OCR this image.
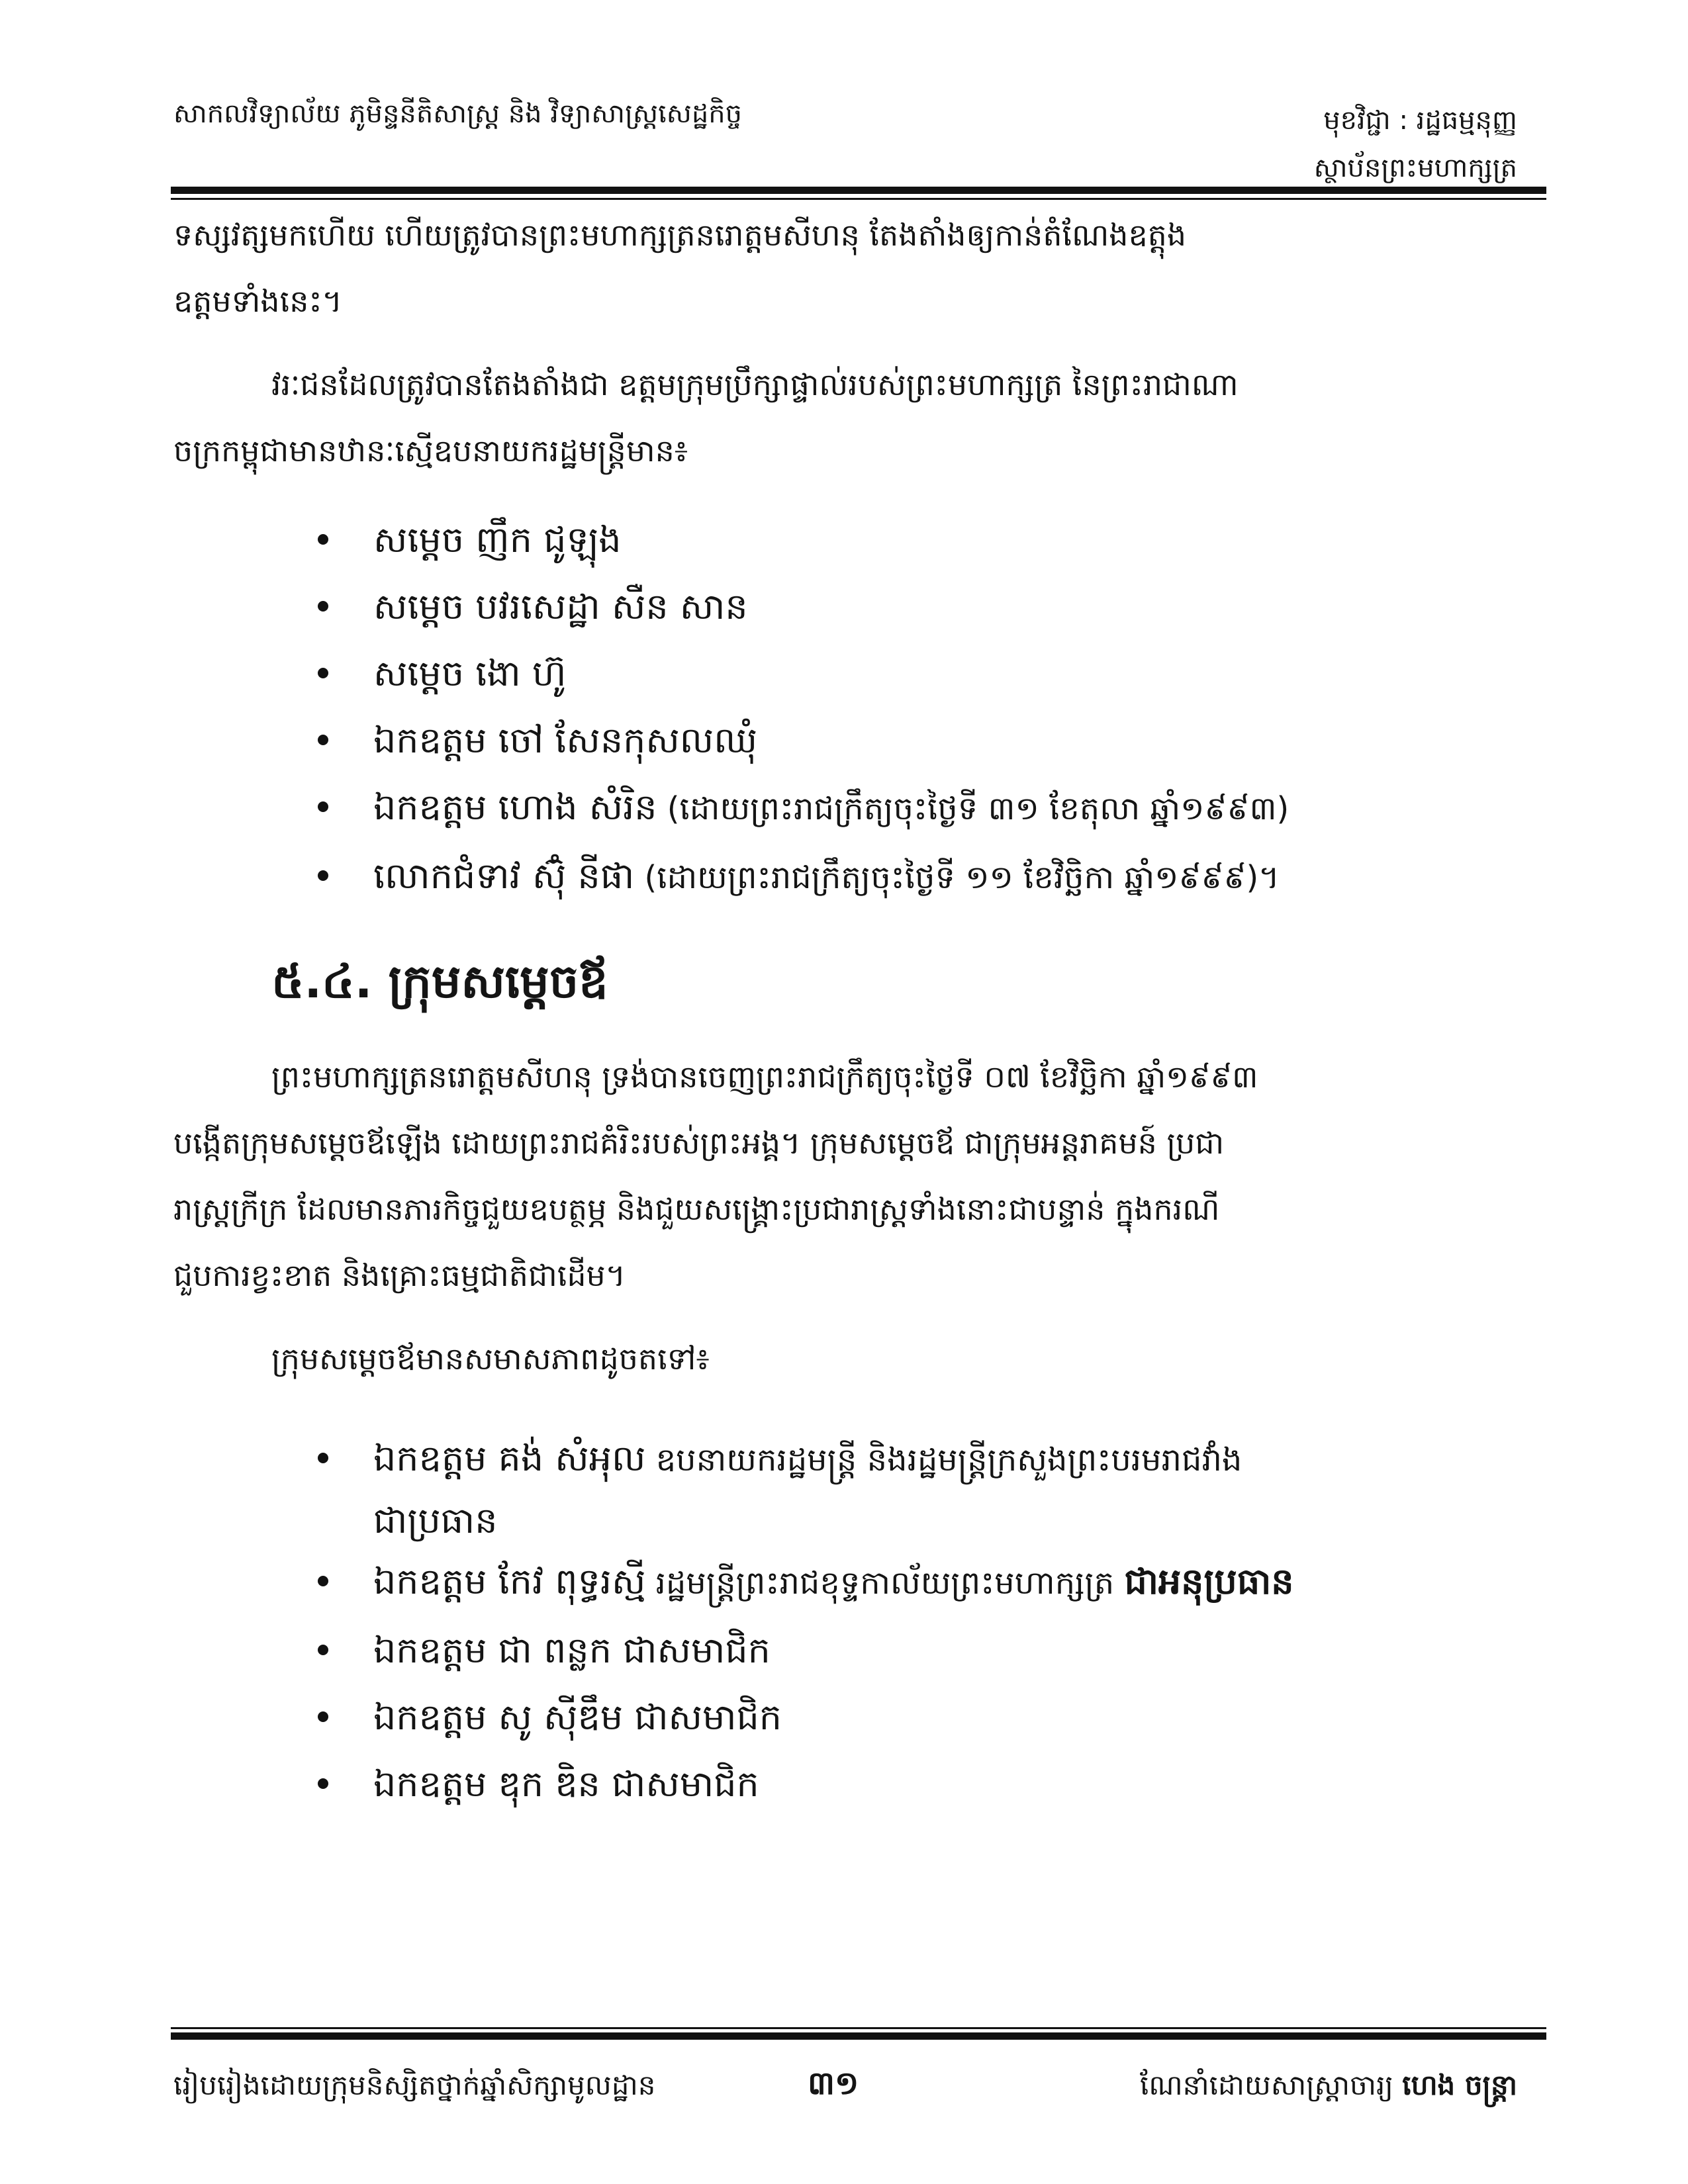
សាកលវិទ្យាល័យ ភូមិន្ទនីតិសាស្ត្រ និង វិទ្យាសាស្ត្រសេដ្ឋកិច្ច	មុខវិជ្ជា : រដ្ឋធម្មនុញ្ញ
ស្ថាប័នព្រះមហាក្សត្រ

ទស្សវត្សមកហើយ ហើយត្រូវបានព្រះមហាក្សត្រនរោត្តមសីហនុ តែងតាំងឲ្យកាន់តំណែងឧត្តុង
ឧត្តមទាំងនេះ។

វរៈជនដែលត្រូវបានតែងតាំងជា ឧត្តមក្រុមប្រឹក្សាផ្ទាល់របស់ព្រះមហាក្សត្រ នៃព្រះរាជាណា
ចក្រកម្ពុជាមានឋានៈស្មើឧបនាយករដ្ឋមន្ត្រីមាន៖

សម្តេច ញឹក ជូឡុង
សម្តេច បវរសេដ្ឋា សឺន សាន
សម្តេច ងោ ហ៊ូ
ឯកឧត្តម ចៅ សែនកុសលឈុំ
ឯកឧត្តម ហោង សំរិន (ដោយព្រះរាជក្រឹត្យចុះថ្ងៃទី ៣១ ខែតុលា ឆ្នាំ១៩៩៣)
លោកជំទាវ ស៊ុំ នីផា (ដោយព្រះរាជក្រឹត្យចុះថ្ងៃទី ១១ ខែវិច្ឆិកា ឆ្នាំ១៩៩៩)។
៥.៤. ក្រុមសម្តេចឪ

ព្រះមហាក្សត្រនរោត្តមសីហនុ ទ្រង់បានចេញព្រះរាជក្រឹត្យចុះថ្ងៃទី ០៧ ខែវិច្ឆិកា ឆ្នាំ១៩៩៣
បង្កើតក្រុមសម្តេចឪឡើង ដោយព្រះរាជគំរិះរបស់ព្រះអង្គ។ ក្រុមសម្តេចឪ ជាក្រុមអន្តរាគមន៍ ប្រជា
រាស្ត្រក្រីក្រ ដែលមានភារកិច្ចជួយឧបត្ថម្ភ និងជួយសង្គ្រោះប្រជារាស្ត្រទាំងនោះជាបន្ទាន់ ក្នុងករណី
ជួបការខ្វះខាត និងគ្រោះធម្មជាតិជាដើម។

ក្រុមសម្តេចឪមានសមាសភាពដូចតទៅ៖

ឯកឧត្តម គង់ សំអុល ឧបនាយករដ្ឋមន្ត្រី និងរដ្ឋមន្ត្រីក្រសួងព្រះបរមរាជវាំង
ជាប្រធាន
ឯកឧត្តម កែវ ពុទ្ធរស្មី រដ្ឋមន្ត្រីព្រះរាជខុទ្ទកាល័យព្រះមហាក្សត្រ ជាអនុប្រធាន
ឯកឧត្តម ជា ពន្លក ជាសមាជិក
ឯកឧត្តម សូ ស៊ីឌឹម ជាសមាជិក
ឯកឧត្តម ឌុក ឌិន ជាសមាជិក
រៀបរៀងដោយក្រុមនិស្សិតថ្នាក់ឆ្នាំសិក្សាមូលដ្ឋាន	៣១	ណែនាំដោយសាស្ត្រាចារ្យ ហេង ចន្ត្រា
